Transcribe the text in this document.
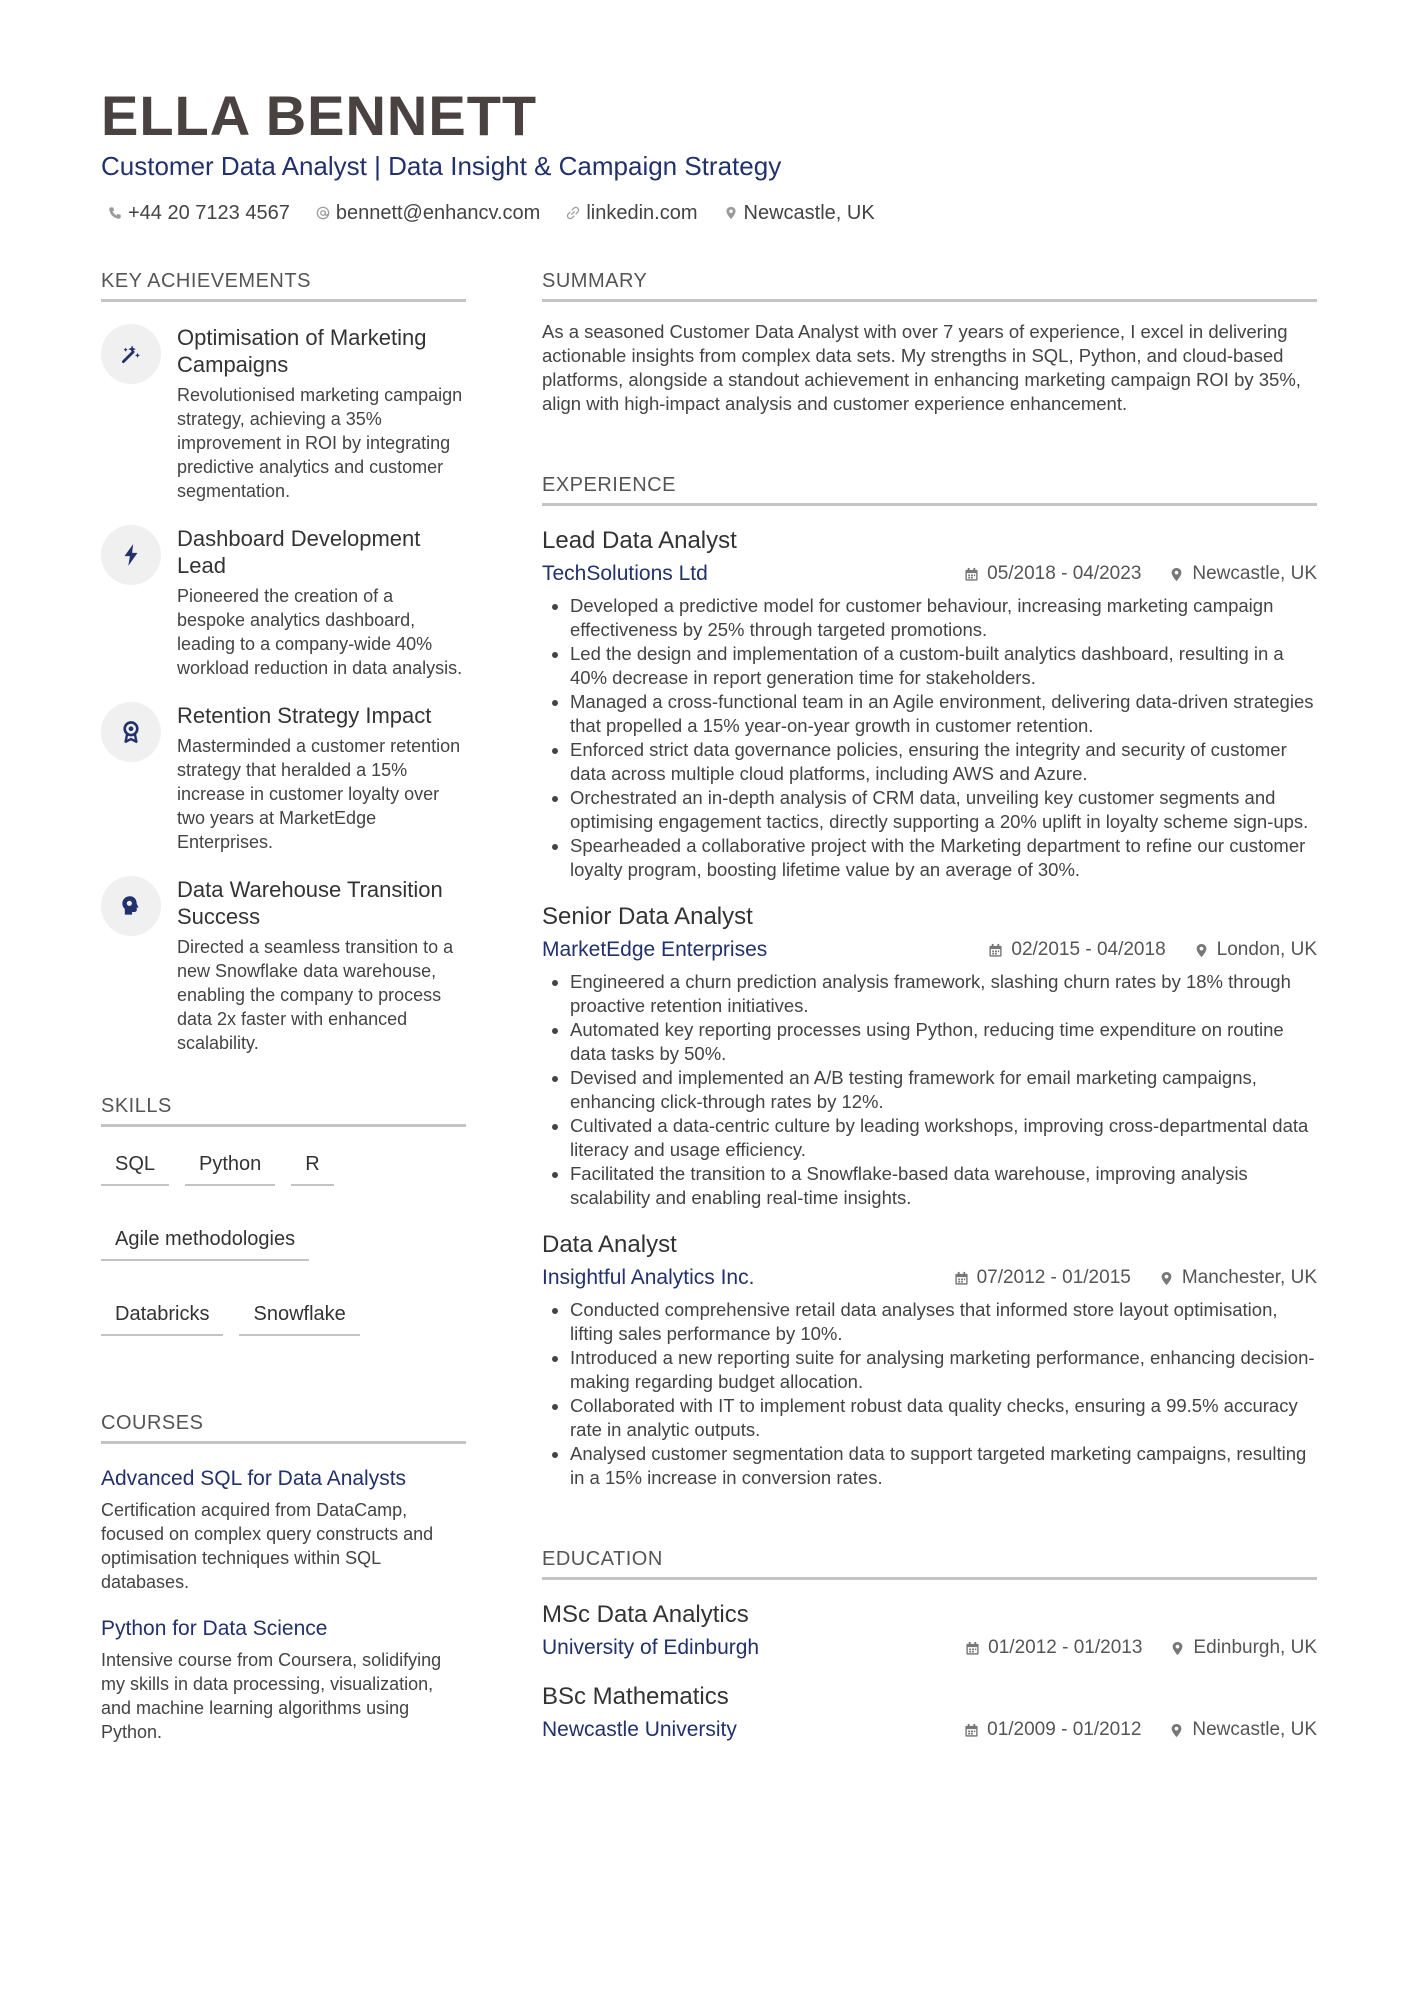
ELLA BENNETT
Customer Data Analyst | Data Insight & Campaign Strategy
+44 20 7123 4567 bennett@enhancv.com linkedin.com Newcastle, UK
KEY ACHIEVEMENTS
Optimisation of Marketing Campaigns
Revolutionised marketing campaign strategy, achieving a 35% improvement in ROI by integrating predictive analytics and customer segmentation.
Dashboard Development Lead
Pioneered the creation of a bespoke analytics dashboard, leading to a company-wide 40% workload reduction in data analysis.
Retention Strategy Impact
Masterminded a customer retention strategy that heralded a 15% increase in customer loyalty over two years at MarketEdge Enterprises.
Data Warehouse Transition Success
Directed a seamless transition to a new Snowflake data warehouse, enabling the company to process data 2x faster with enhanced scalability.
SKILLS
SQL	Python	R
Agile methodologies
Databricks	Snowflake
COURSES
Advanced SQL for Data Analysts
Certification acquired from DataCamp, focused on complex query constructs and optimisation techniques within SQL databases.
Python for Data Science
Intensive course from Coursera, solidifying my skills in data processing, visualization, and machine learning algorithms using Python.
SUMMARY
As a seasoned Customer Data Analyst with over 7 years of experience, I excel in delivering actionable insights from complex data sets. My strengths in SQL, Python, and cloud-based platforms, alongside a standout achievement in enhancing marketing campaign ROI by 35%, align with high-impact analysis and customer experience enhancement.
EXPERIENCE
Lead Data Analyst
TechSolutions Ltd	05/2018 - 04/2023	Newcastle, UK
• Developed a predictive model for customer behaviour, increasing marketing campaign effectiveness by 25% through targeted promotions.
• Led the design and implementation of a custom-built analytics dashboard, resulting in a 40% decrease in report generation time for stakeholders.
• Managed a cross-functional team in an Agile environment, delivering data-driven strategies that propelled a 15% year-on-year growth in customer retention.
• Enforced strict data governance policies, ensuring the integrity and security of customer data across multiple cloud platforms, including AWS and Azure.
• Orchestrated an in-depth analysis of CRM data, unveiling key customer segments and optimising engagement tactics, directly supporting a 20% uplift in loyalty scheme sign-ups.
• Spearheaded a collaborative project with the Marketing department to refine our customer loyalty program, boosting lifetime value by an average of 30%.
Senior Data Analyst
MarketEdge Enterprises	02/2015 - 04/2018	London, UK
• Engineered a churn prediction analysis framework, slashing churn rates by 18% through proactive retention initiatives.
• Automated key reporting processes using Python, reducing time expenditure on routine data tasks by 50%.
• Devised and implemented an A/B testing framework for email marketing campaigns, enhancing click-through rates by 12%.
• Cultivated a data-centric culture by leading workshops, improving cross-departmental data literacy and usage efficiency.
• Facilitated the transition to a Snowflake-based data warehouse, improving analysis scalability and enabling real-time insights.
Data Analyst
Insightful Analytics Inc.	07/2012 - 01/2015	Manchester, UK
• Conducted comprehensive retail data analyses that informed store layout optimisation, lifting sales performance by 10%.
• Introduced a new reporting suite for analysing marketing performance, enhancing decision-making regarding budget allocation.
• Collaborated with IT to implement robust data quality checks, ensuring a 99.5% accuracy rate in analytic outputs.
• Analysed customer segmentation data to support targeted marketing campaigns, resulting in a 15% increase in conversion rates.
EDUCATION
MSc Data Analytics
University of Edinburgh	01/2012 - 01/2013	Edinburgh, UK
BSc Mathematics
Newcastle University	01/2009 - 01/2012	Newcastle, UK
